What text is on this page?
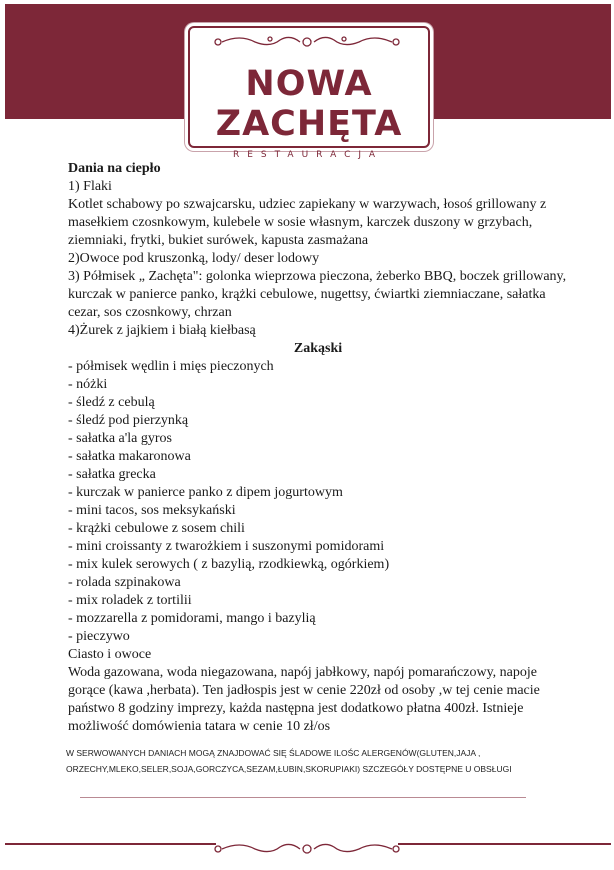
NOWA
ZACHĘTA
RESTAURACJA

Dania na ciepło

1) Flaki

Kotlet schabowy po szwajcarsku, udziec zapiekany w warzywach, łosoś grillowany z masełkiem czosnkowym, kulebele w sosie własnym, karczek duszony w grzybach, ziemniaki, frytki, bukiet surówek, kapusta zasmażana

2)Owoce pod kruszonką, lody/ deser lodowy

3) Półmisek „ Zachęta": golonka wieprzowa pieczona, żeberko BBQ, boczek grillowany, kurczak w panierce panko, krążki cebulowe, nugettsy, ćwiartki ziemniaczane, sałatka cezar, sos czosnkowy, chrzan

4)Żurek z jajkiem i białą kiełbasą

Zakąski

- półmisek wędlin i mięs pieczonych

- nóżki

- śledź z cebulą

- śledź pod pierzynką

- sałatka a'la gyros

- sałatka makaronowa

- sałatka grecka

- kurczak w panierce panko z dipem jogurtowym

- mini tacos, sos meksykański

- krążki cebulowe z sosem chili

- mini croissanty z twarożkiem i suszonymi pomidorami

- mix kulek serowych ( z bazylią, rzodkiewką, ogórkiem)

- rolada szpinakowa

- mix roladek z tortilii

- mozzarella z pomidorami, mango i bazylią

- pieczywo

Ciasto i owoce

Woda gazowana, woda niegazowana, napój jabłkowy, napój pomarańczowy, napoje gorące (kawa ,herbata). Ten jadłospis jest w cenie 220zł od osoby ,w tej cenie macie państwo 8 godziny imprezy, każda następna jest dodatkowo płatna 400zł. Istnieje możliwość domówienia tatara w cenie 10 zł/os

W SERWOWANYCH DANIACH MOGĄ ZNAJDOWAĆ SIĘ ŚLADOWE ILOŚC ALERGENÓW(GLUTEN,JAJA , ORZECHY,MLEKO,SELER,SOJA,GORCZYCA,SEZAM,ŁUBIN,SKORUPIAKI) SZCZEGÓŁY DOSTĘPNE U OBSŁUGI
